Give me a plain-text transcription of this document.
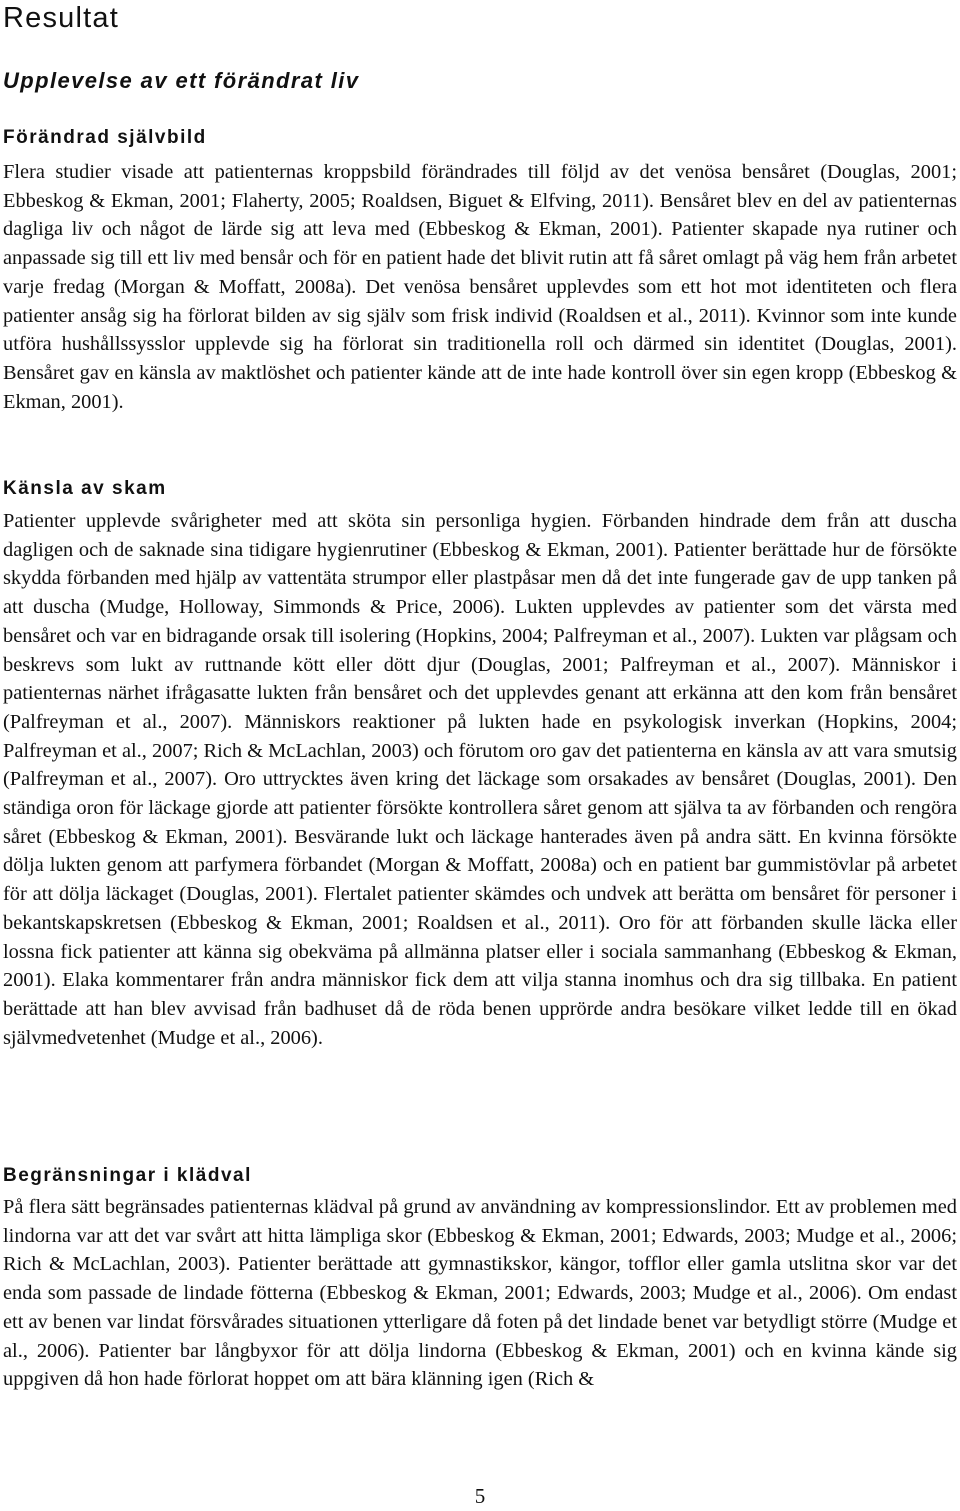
Resultat
Upplevelse av ett förändrat liv
Förändrad självbild

Flera studier visade att patienternas kroppsbild förändrades till följd av det venösa bensåret (Douglas, 2001; Ebbeskog & Ekman, 2001; Flaherty, 2005; Roaldsen, Biguet & Elfving, 2011). Bensåret blev en del av patienternas dagliga liv och något de lärde sig att leva med (Ebbeskog & Ekman, 2001). Patienter skapade nya rutiner och anpassade sig till ett liv med bensår och för en patient hade det blivit rutin att få såret omlagt på väg hem från arbetet varje fredag (Morgan & Moffatt, 2008a). Det venösa bensåret upplevdes som ett hot mot identiteten och flera patienter ansåg sig ha förlorat bilden av sig själv som frisk individ (Roaldsen et al., 2011). Kvinnor som inte kunde utföra hushållssysslor upplevde sig ha förlorat sin traditionella roll och därmed sin identitet (Douglas, 2001). Bensåret gav en känsla av maktlöshet och patienter kände att de inte hade kontroll över sin egen kropp (Ebbeskog & Ekman, 2001).

Känsla av skam

Patienter upplevde svårigheter med att sköta sin personliga hygien. Förbanden hindrade dem från att duscha dagligen och de saknade sina tidigare hygienrutiner (Ebbeskog & Ekman, 2001). Patienter berättade hur de försökte skydda förbanden med hjälp av vattentäta strumpor eller plastpåsar men då det inte fungerade gav de upp tanken på att duscha (Mudge, Holloway, Simmonds & Price, 2006). Lukten upplevdes av patienter som det värsta med bensåret och var en bidragande orsak till isolering (Hopkins, 2004; Palfreyman et al., 2007). Lukten var plågsam och beskrevs som lukt av ruttnande kött eller dött djur (Douglas, 2001; Palfreyman et al., 2007). Människor i patienternas närhet ifrågasatte lukten från bensåret och det upplevdes genant att erkänna att den kom från bensåret (Palfreyman et al., 2007). Människors reaktioner på lukten hade en psykologisk inverkan (Hopkins, 2004; Palfreyman et al., 2007; Rich & McLachlan, 2003) och förutom oro gav det patienterna en känsla av att vara smutsig (Palfreyman et al., 2007). Oro uttrycktes även kring det läckage som orsakades av bensåret (Douglas, 2001). Den ständiga oron för läckage gjorde att patienter försökte kontrollera såret genom att själva ta av förbanden och rengöra såret (Ebbeskog & Ekman, 2001). Besvärande lukt och läckage hanterades även på andra sätt. En kvinna försökte dölja lukten genom att parfymera förbandet (Morgan & Moffatt, 2008a) och en patient bar gummistövlar på arbetet för att dölja läckaget (Douglas, 2001). Flertalet patienter skämdes och undvek att berätta om bensåret för personer i bekantskapskretsen (Ebbeskog & Ekman, 2001; Roaldsen et al., 2011). Oro för att förbanden skulle läcka eller lossna fick patienter att känna sig obekväma på allmänna platser eller i sociala sammanhang (Ebbeskog & Ekman, 2001). Elaka kommentarer från andra människor fick dem att vilja stanna inomhus och dra sig tillbaka. En patient berättade att han blev avvisad från badhuset då de röda benen upprörde andra besökare vilket ledde till en ökad självmedvetenhet (Mudge et al., 2006).

Begränsningar i klädval

På flera sätt begränsades patienternas klädval på grund av användning av kompressionslindor. Ett av problemen med lindorna var att det var svårt att hitta lämpliga skor (Ebbeskog & Ekman, 2001; Edwards, 2003; Mudge et al., 2006; Rich & McLachlan, 2003). Patienter berättade att gymnastikskor, kängor, tofflor eller gamla utslitna skor var det enda som passade de lindade fötterna (Ebbeskog & Ekman, 2001; Edwards, 2003; Mudge et al., 2006). Om endast ett av benen var lindat försvårades situationen ytterligare då foten på det lindade benet var betydligt större (Mudge et al., 2006). Patienter bar långbyxor för att dölja lindorna (Ebbeskog & Ekman, 2001) och en kvinna kände sig uppgiven då hon hade förlorat hoppet om att bära klänning igen (Rich &

5
